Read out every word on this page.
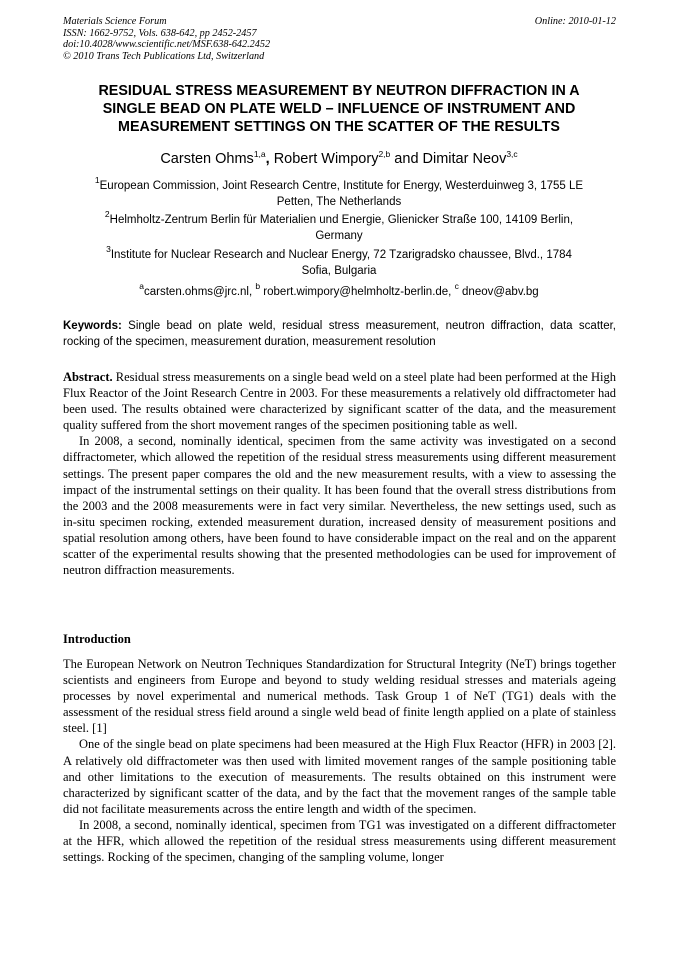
Materials Science Forum
ISSN: 1662-9752, Vols. 638-642, pp 2452-2457
doi:10.4028/www.scientific.net/MSF.638-642.2452
© 2010 Trans Tech Publications Ltd, Switzerland
Online: 2010-01-12
RESIDUAL STRESS MEASUREMENT BY NEUTRON DIFFRACTION IN A
SINGLE BEAD ON PLATE WELD – INFLUENCE OF INSTRUMENT AND
MEASUREMENT SETTINGS ON THE SCATTER OF THE RESULTS
Carsten Ohms$^{1,a}$, Robert Wimpory$^{2,b}$ and Dimitar Neov$^{3,c}$
$^1$European Commission, Joint Research Centre, Institute for Energy, Westerduinweg 3, 1755 LE
Petten, The Netherlands
$^2$Helmholtz-Zentrum Berlin für Materialien und Energie, Glienicker Straße 100, 14109 Berlin,
Germany
$^3$Institute for Nuclear Research and Nuclear Energy, 72 Tzarigradsko chaussee, Blvd., 1784
Sofia, Bulgaria
$^a$carsten.ohms@jrc.nl, $^b$ robert.wimpory@helmholtz-berlin.de, $^c$ dneov@abv.bg
Keywords: Single bead on plate weld, residual stress measurement, neutron diffraction, data scatter, rocking of the specimen, measurement duration, measurement resolution

Abstract. Residual stress measurements on a single bead weld on a steel plate had been performed at the High Flux Reactor of the Joint Research Centre in 2003. For these measurements a relatively old diffractometer had been used. The results obtained were characterized by significant scatter of the data, and the measurement quality suffered from the short movement ranges of the specimen positioning table as well.

In 2008, a second, nominally identical, specimen from the same activity was investigated on a second diffractometer, which allowed the repetition of the residual stress measurements using different measurement settings. The present paper compares the old and the new measurement results, with a view to assessing the impact of the instrumental settings on their quality. It has been found that the overall stress distributions from the 2003 and the 2008 measurements were in fact very similar. Nevertheless, the new settings used, such as in-situ specimen rocking, extended measurement duration, increased density of measurement positions and spatial resolution among others, have been found to have considerable impact on the real and on the apparent scatter of the experimental results showing that the presented methodologies can be used for improvement of neutron diffraction measurements.

Introduction

The European Network on Neutron Techniques Standardization for Structural Integrity (NeT) brings together scientists and engineers from Europe and beyond to study welding residual stresses and materials ageing processes by novel experimental and numerical methods. Task Group 1 of NeT (TG1) deals with the assessment of the residual stress field around a single weld bead of finite length applied on a plate of stainless steel. [1]

One of the single bead on plate specimens had been measured at the High Flux Reactor (HFR) in 2003 [2]. A relatively old diffractometer was then used with limited movement ranges of the sample positioning table and other limitations to the execution of measurements. The results obtained on this instrument were characterized by significant scatter of the data, and by the fact that the movement ranges of the sample table did not facilitate measurements across the entire length and width of the specimen.

In 2008, a second, nominally identical, specimen from TG1 was investigated on a different diffractometer at the HFR, which allowed the repetition of the residual stress measurements using different measurement settings. Rocking of the specimen, changing of the sampling volume, longer
